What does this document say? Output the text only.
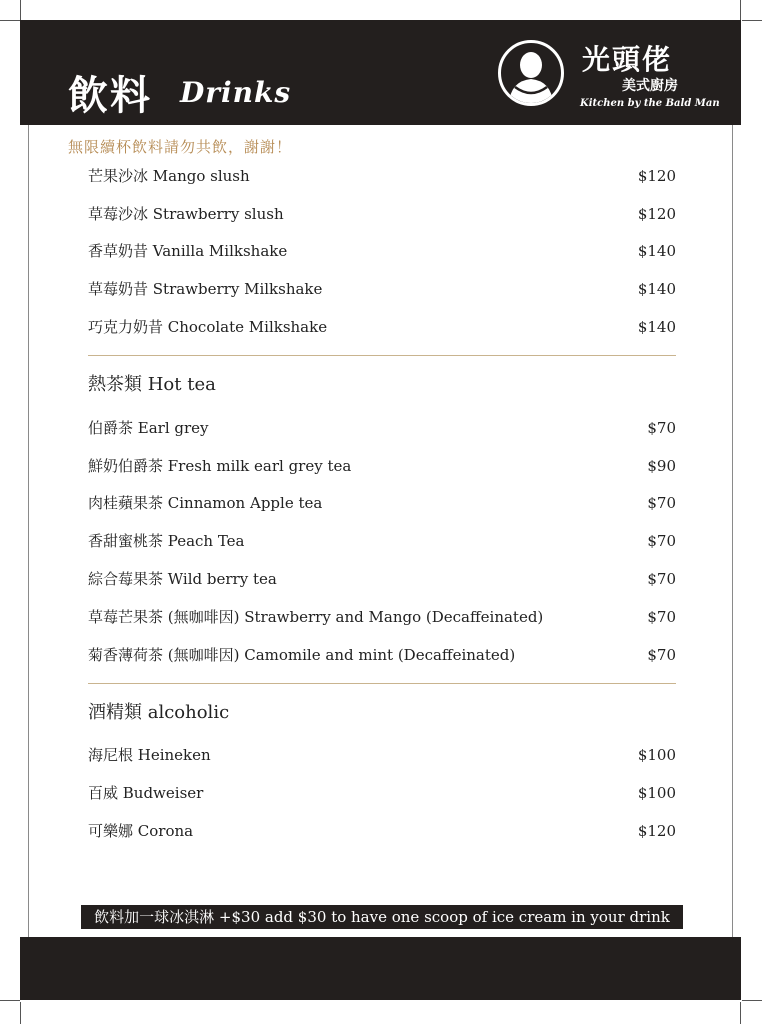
飲料 Drinks
光頭佬
美式廚房
Kitchen by the Bald Man
無限續杯飲料請勿共飲，謝謝！
芒果沙冰 Mango slush	$120
草莓沙冰 Strawberry slush	$120
香草奶昔 Vanilla Milkshake	$140
草莓奶昔 Strawberry Milkshake	$140
巧克力奶昔 Chocolate Milkshake	$140
熱茶類 Hot tea
伯爵茶 Earl grey	$70
鮮奶伯爵茶 Fresh milk earl grey tea	$90
肉桂蘋果茶 Cinnamon Apple tea	$70
香甜蜜桃茶 Peach Tea	$70
綜合莓果茶 Wild berry tea	$70
草莓芒果茶 (無咖啡因) Strawberry and Mango (Decaffeinated)	$70
菊香薄荷茶 (無咖啡因) Camomile and mint (Decaffeinated)	$70
酒精類 alcoholic
海尼根 Heineken	$100
百威 Budweiser	$100
可樂娜 Corona	$120
飲料加一球冰淇淋 +$30 add $30 to have one scoop of ice cream in your drink
